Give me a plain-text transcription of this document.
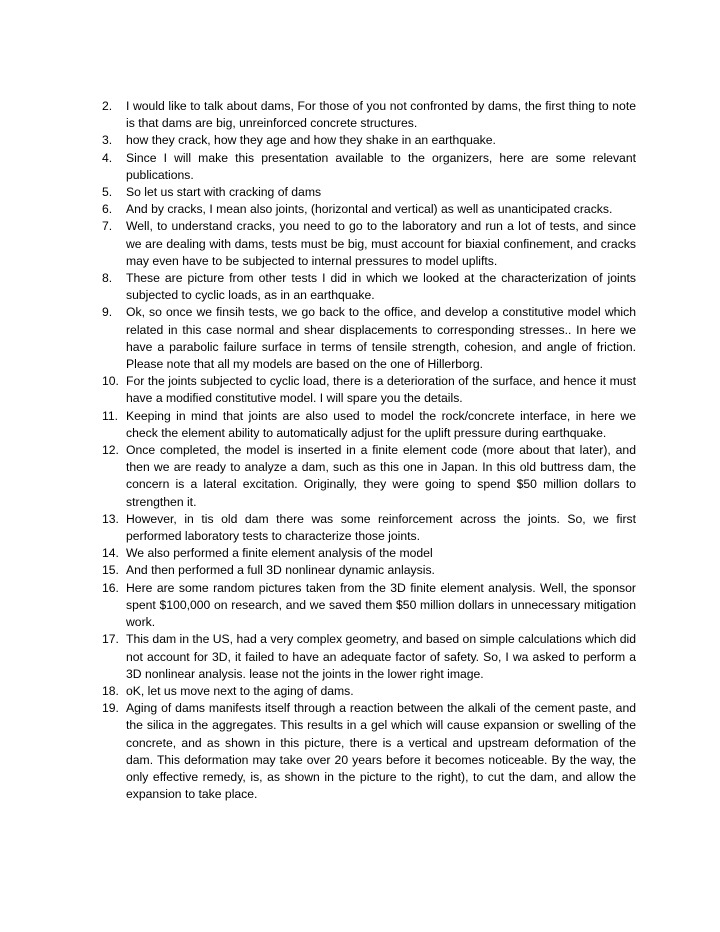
2.	I would like to talk about dams, For those of you not confronted by dams, the first thing to note is that dams are big, unreinforced concrete structures.
3.	how they crack, how they age and how they shake in an earthquake.
4.	Since I will make this presentation available to the organizers, here are some relevant publications.
5.	So let us start with cracking of dams
6.	And by cracks, I mean also joints, (horizontal and vertical) as well as unanticipated cracks.
7.	Well, to understand cracks, you need to go to the laboratory and run a lot of tests, and since we are dealing with dams, tests must be big, must account for biaxial confinement, and cracks may even have to be subjected to internal pressures to model uplifts.
8.	These are picture from other tests I did in which we looked at the characterization of joints subjected to cyclic loads, as in an earthquake.
9.	Ok, so once we finsih tests, we go back to the office, and develop a constitutive model which related in this case normal and shear displacements to corresponding stresses.. In here we have a parabolic failure surface in terms of tensile strength, cohesion, and angle of friction. Please note that all my models are based on the one of Hillerborg.
10. For the joints subjected to cyclic load, there is a deterioration of the surface, and hence it must have a modified constitutive model. I will spare you the details.
11. Keeping in mind that joints are also used to model the rock/concrete interface, in here we check the element ability to automatically adjust for the uplift pressure during earthquake.
12. Once completed, the model is inserted in a finite element code (more about that later), and then we are ready to analyze a dam, such as this one in Japan. In this old buttress dam, the concern is a lateral excitation. Originally, they were going to spend $50 million dollars to strengthen it.
13. However, in tis old dam there was some reinforcement across the joints. So, we first performed laboratory tests to characterize those joints.
14. We also performed a finite element analysis of the model
15. And then performed a full 3D nonlinear dynamic anlaysis.
16. Here are some random pictures taken from the 3D finite element analysis. Well, the sponsor spent $100,000 on research, and we saved them $50 million dollars in unnecessary mitigation work.
17. This dam in the US, had a very complex geometry, and based on simple calculations which did not account for 3D, it failed to have an adequate factor of safety. So, I wa asked to perform a 3D nonlinear analysis. lease not the joints in the lower right image.
18. oK, let us move next to the aging of dams.
19. Aging of dams manifests itself through a reaction between the alkali of the cement paste, and the silica in the aggregates. This results in a gel which will cause expansion or swelling of the concrete, and as shown in this picture, there is a vertical and upstream deformation of the dam. This deformation may take over 20 years before it becomes noticeable. By the way, the only effective remedy, is, as shown in the picture to the right), to cut the dam, and allow the expansion to take place.
